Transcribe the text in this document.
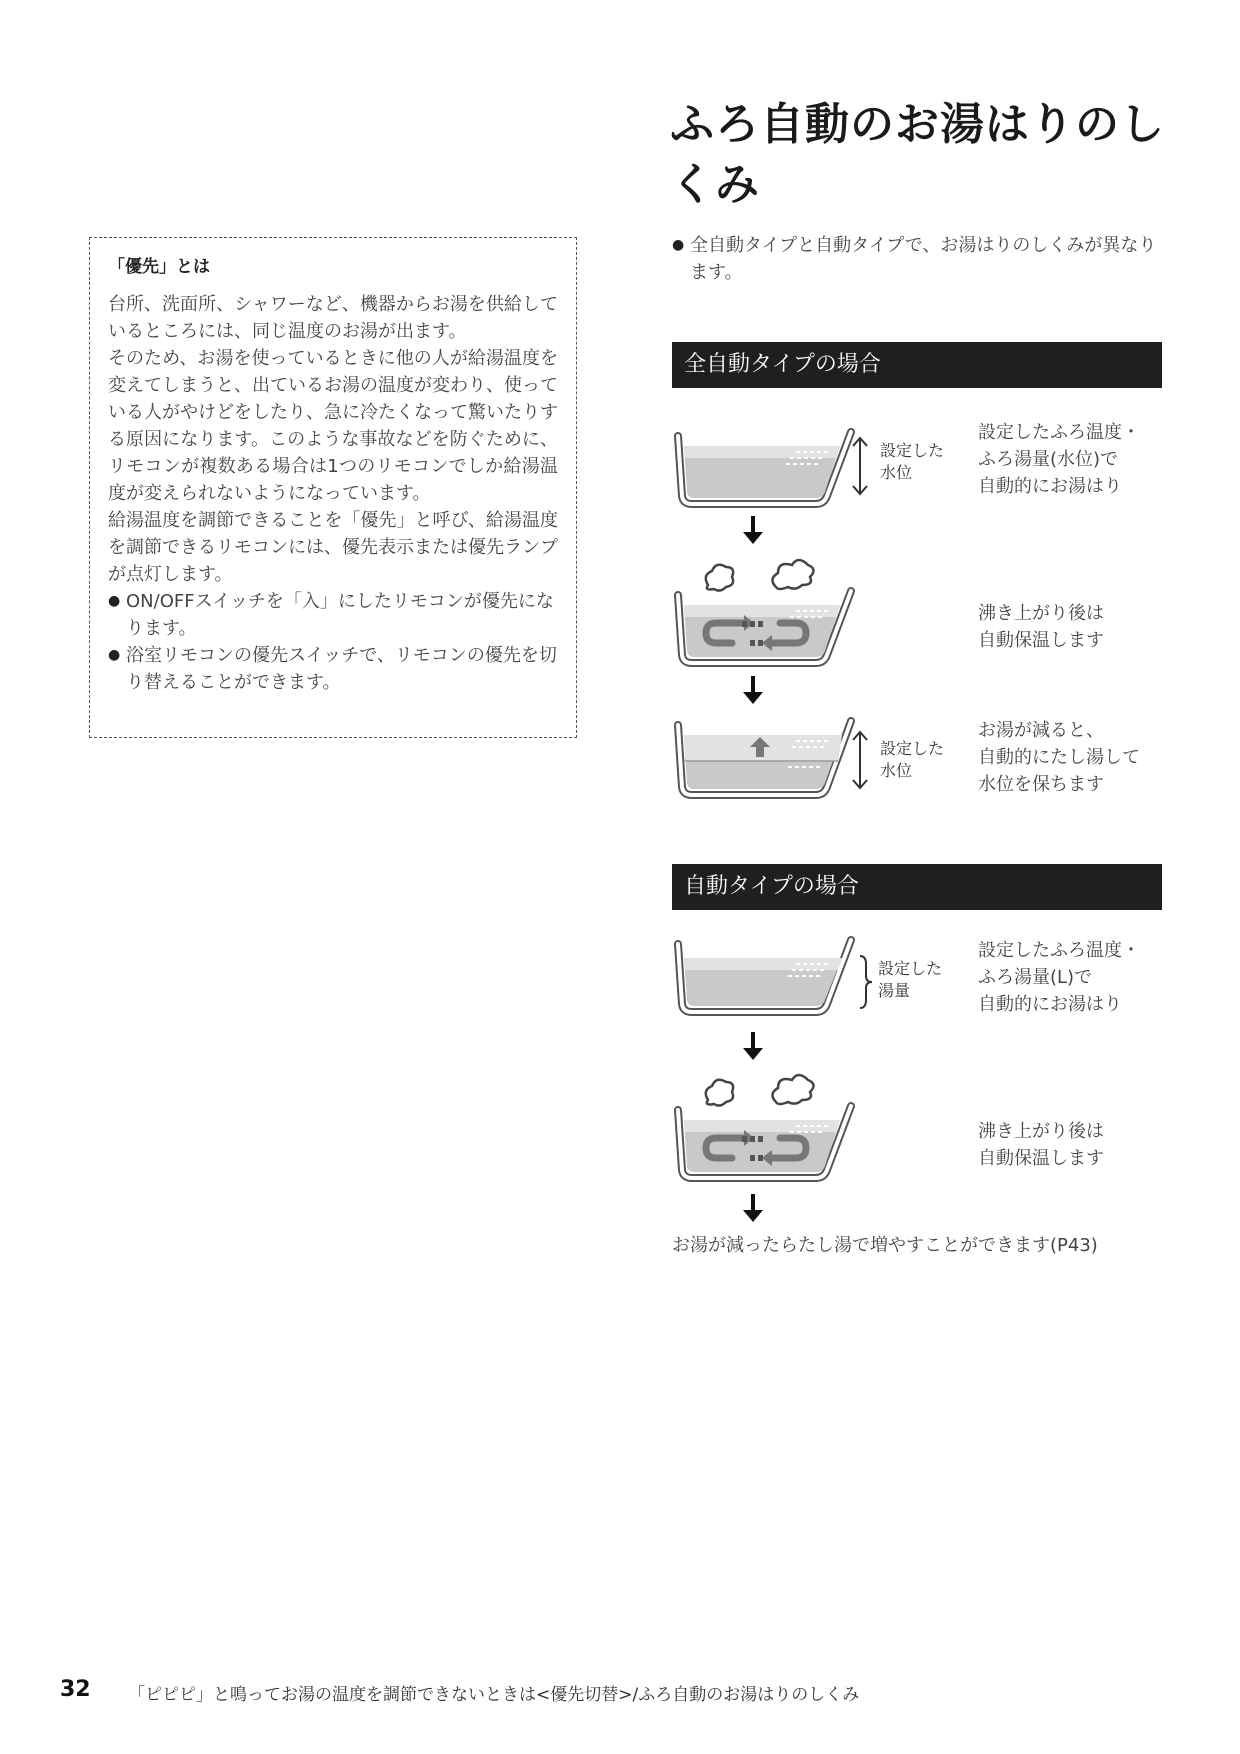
「優先」とは

台所、洗面所、シャワーなど、機器からお湯を供給しているところには、同じ温度のお湯が出ます。

そのため、お湯を使っているときに他の人が給湯温度を変えてしまうと、出ているお湯の温度が変わり、使っている人がやけどをしたり、急に冷たくなって驚いたりする原因になります。このような事故などを防ぐために、リモコンが複数ある場合は1つのリモコンでしか給湯温度が変えられないようになっています。

給湯温度を調節できることを「優先」と呼び、給湯温度を調節できるリモコンには、優先表示または優先ランプが点灯します。

● ON/OFFスイッチを「入」にしたリモコンが優先になります。
● 浴室リモコンの優先スイッチで、リモコンの優先を切り替えることができます。
ふろ自動のお湯はりのしくみ
● 全自動タイプと自動タイプで、お湯はりのしくみが異なります。
全自動タイプの場合
設定した
水位
設定したふろ温度・
ふろ湯量(水位)で
自動的にお湯はり
沸き上がり後は
自動保温します
設定した
水位
お湯が減ると、
自動的にたし湯して
水位を保ちます
自動タイプの場合
設定した
湯量
設定したふろ温度・
ふろ湯量(L)で
自動的にお湯はり
沸き上がり後は
自動保温します
お湯が減ったらたし湯で増やすことができます(P43)
32 「ピピピ」と鳴ってお湯の温度を調節できないときは<優先切替>/ふろ自動のお湯はりのしくみ
